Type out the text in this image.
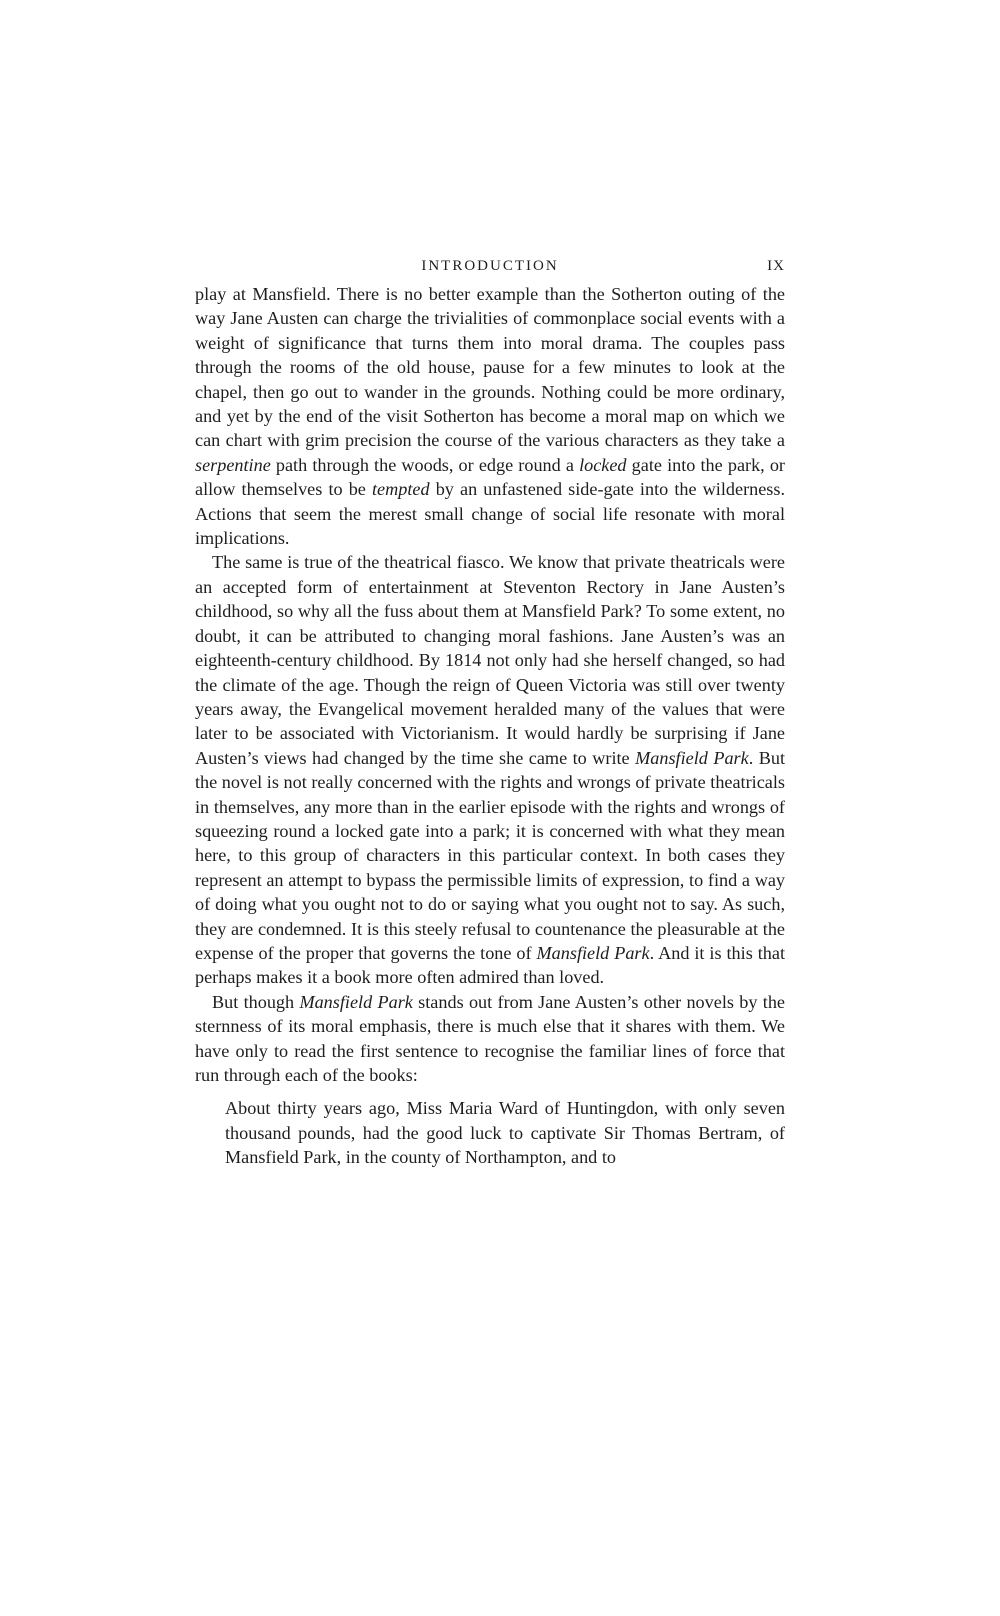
INTRODUCTION	IX

play at Mansfield. There is no better example than the Sotherton outing of the way Jane Austen can charge the trivialities of commonplace social events with a weight of significance that turns them into moral drama. The couples pass through the rooms of the old house, pause for a few minutes to look at the chapel, then go out to wander in the grounds. Nothing could be more ordinary, and yet by the end of the visit Sotherton has become a moral map on which we can chart with grim precision the course of the various characters as they take a serpentine path through the woods, or edge round a locked gate into the park, or allow themselves to be tempted by an unfastened side-gate into the wilderness. Actions that seem the merest small change of social life resonate with moral implications.

The same is true of the theatrical fiasco. We know that private theatricals were an accepted form of entertainment at Steventon Rectory in Jane Austen’s childhood, so why all the fuss about them at Mansfield Park? To some extent, no doubt, it can be attributed to changing moral fashions. Jane Austen’s was an eighteenth-century childhood. By 1814 not only had she herself changed, so had the climate of the age. Though the reign of Queen Victoria was still over twenty years away, the Evangelical movement heralded many of the values that were later to be associated with Victorianism. It would hardly be surprising if Jane Austen’s views had changed by the time she came to write Mansfield Park. But the novel is not really concerned with the rights and wrongs of private theatricals in themselves, any more than in the earlier episode with the rights and wrongs of squeezing round a locked gate into a park; it is concerned with what they mean here, to this group of characters in this particular context. In both cases they represent an attempt to bypass the permissible limits of expression, to find a way of doing what you ought not to do or saying what you ought not to say. As such, they are condemned. It is this steely refusal to countenance the pleasurable at the expense of the proper that governs the tone of Mansfield Park. And it is this that perhaps makes it a book more often admired than loved.

But though Mansfield Park stands out from Jane Austen’s other novels by the sternness of its moral emphasis, there is much else that it shares with them. We have only to read the first sentence to recognise the familiar lines of force that run through each of the books:

About thirty years ago, Miss Maria Ward of Huntingdon, with only seven thousand pounds, had the good luck to captivate Sir Thomas Bertram, of Mansfield Park, in the county of Northampton, and to
